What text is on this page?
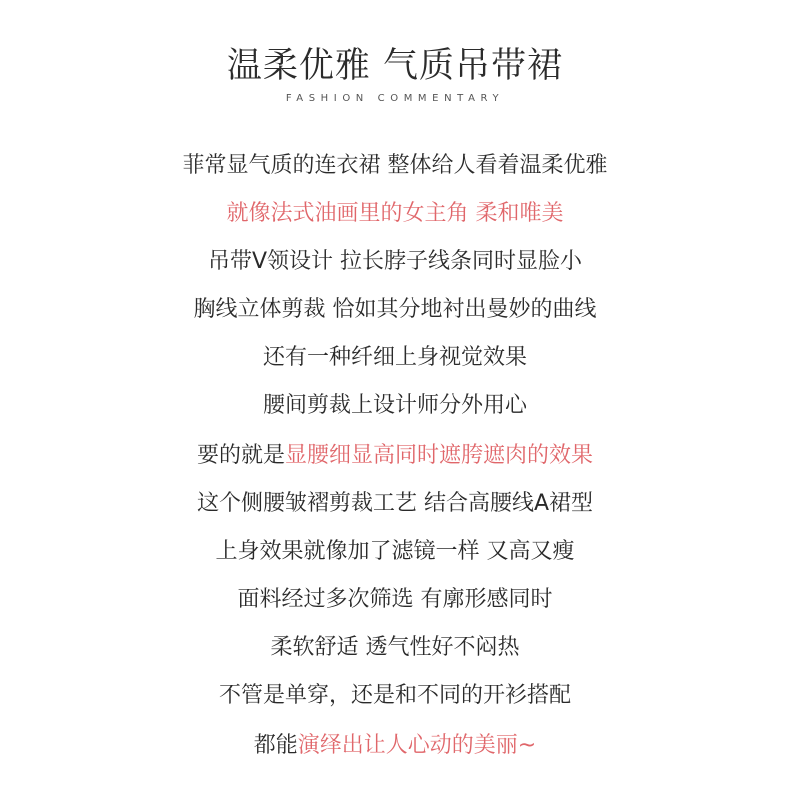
温柔优雅 气质吊带裙
FASHION COMMENTARY
菲常显气质的连衣裙 整体给人看着温柔优雅
就像法式油画里的女主角 柔和唯美
吊带V领设计 拉长脖子线条同时显脸小
胸线立体剪裁 恰如其分地衬出曼妙的曲线
还有一种纤细上身视觉效果
腰间剪裁上设计师分外用心
要的就是显腰细显高同时遮胯遮肉的效果
这个侧腰皱褶剪裁工艺 结合高腰线A裙型
上身效果就像加了滤镜一样 又高又瘦
面料经过多次筛选 有廓形感同时
柔软舒适 透气性好不闷热
不管是单穿，还是和不同的开衫搭配
都能演绎出让人心动的美丽~
